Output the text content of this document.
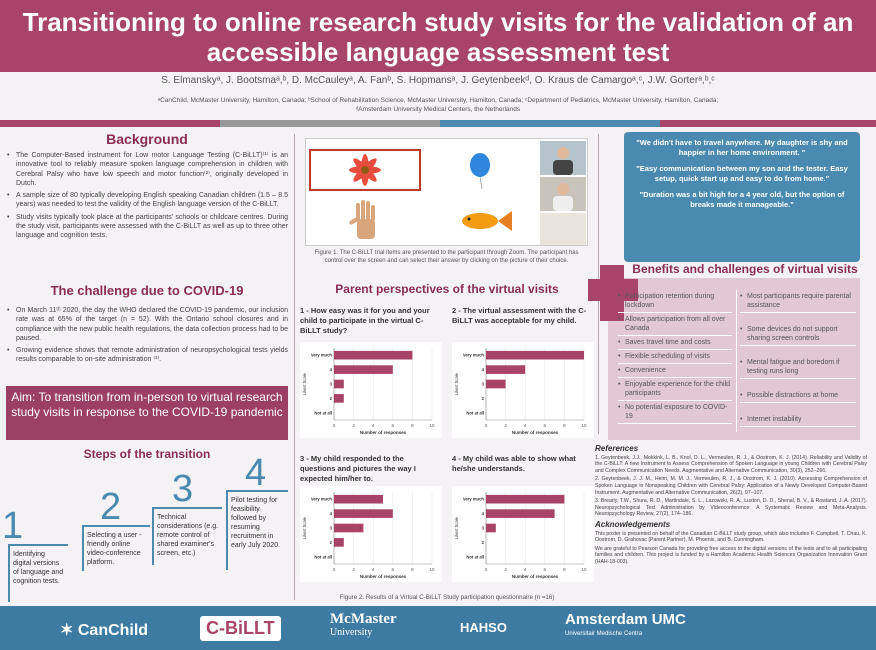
Transitioning to online research study visits for the validation of an accessible language assessment test
S. Elmanskyᵃ, J. Bootsmaᵃ,ᵇ, D. McCauleyᵃ, A. Fanᵇ, S. Hopmansᵃ, J. Geytenbeekᵈ, O. Kraus de Camargoᵃ,ᶜ, J.W. Gorterᵃ,ᵇ,ᶜ
ᵃCanChild, McMaster University, Hamilton, Canada; ᵇSchool of Rehabilitation Science, McMaster University, Hamilton, Canada; ᶜDepartment of Pediatrics, McMaster University, Hamilton, Canada;
ᵈAmsterdam University Medical Centers, the Netherlands
Background
• The Computer-Based instrument for Low motor Language Testing (C-BiLLT)⁽¹⁾ is an innovative tool to reliably measure spoken language comprehension in children with Cerebral Palsy who have low speech and motor function⁽²⁾, originally developed in Dutch.
• A sample size of 80 typically developing English speaking Canadian children (1.5 – 8.5 years) was needed to test the validity of the English language version of the C-BiLLT.
• Study visits typically took place at the participants' schools or childcare centres. During the study visit, participants were assessed with the C-BiLLT as well as up to three other language and cognition tests.
The challenge due to COVID-19
• On March 11ᵗʰ 2020, the day the WHO declared the COVID-19 pandemic, our inclusion rate was at 65% of the target (n = 52). With the Ontario school closures and in compliance with the new public health regulations, the data collection process had to be paused.
• Growing evidence shows that remote administration of neuropsychological tests yields results comparable to on-site administration ⁽³⁾.
Aim: To transition from in-person to virtual research study visits in response to the COVID-19 pandemic
Steps of the transition
1
Identifying digital versions of language and cognition tests.
2
Selecting a user - friendly online video-conference platform.
3
Technical considerations (e.g. remote control of shared examiner's screen, etc.)
4
Pilot testing for feasibility followed by resuming recruitment in early July 2020.
Figure 1. The C-BiLLT trial items are presented to the participant through Zoom. The participant has control over the screen and can select their answer by clicking on the picture of their choice.
Parent perspectives of the virtual visits
1 - How easy was it for you and your child to participate in the virtual C-BiLLT study?
2 - The virtual assessment with the C-BiLLT was acceptable for my child.
3 - My child responded to the questions and pictures the way I expected him/her to.
4 - My child was able to show what he/she understands.
0	2	4	6	8	10
Very much
4
3
2
Not at all
Number of responses
Likert Scale
0	2	4	6	8	10
Very much
4
3
2
Not at all
Number of responses
Likert Scale
0	2	4	6	8	10
Very much
4
3
2
Not at all
Number of responses
Likert Scale
0	2	4	6	8	10
Very much
4
3
2
Not at all
Number of responses
Likert Scale
Figure 2. Results of a Virtual C-BiLLT Study participation questionnaire (n =16)

"We didn't have to travel anywhere. My daughter is shy and happier in her home environment. "

"Easy communication between my son and the tester. Easy setup, quick start up and easy to do from home."

"Duration was a bit high for a 4 year old, but the option of breaks made it manageable."

Benefits and challenges of virtual visits
• Participation retention during lockdown
• Allows participation from all over Canada
• Saves travel time and costs
• Flexible scheduling of visits
• Convenience
• Enjoyable experience for the child participants
• No potential exposure to COVID-19
• Most participants require parental assistance
• Some devices do not support sharing screen controls
• Mental fatigue and boredom if testing runs long
• Possible distractions at home
• Internet instability
References

1. Geytenbeek, J.J., Mokkink, L. B., Knol, D. L., Vermeulen, R. J., & Oostrom, K. J. (2014). Reliability and Validity of the C-BiLLT: A new Instrument to Assess Comprehension of Spoken Language in young Children with Cerebral Palsy and Complex Communication Needs. Augmentative and Alternative Communication, 30(3), 252–266.

2. Geytenbeek, J. J. M., Heim, M. M. J., Vermeulen, R. J., & Oostrom, K. J. (2010). Assessing Comprehension of Spoken Language in Nonspeaking Children with Cerebral Palsy: Application of a Newly Developed Computer-Based Instrument. Augmentative and Alternative Communication, 26(2), 97–107.

3. Brearly, T.W., Shura, R. D., Martindale, S. L., Lazowski, R. A., Luxton, D. D., Shenal, B. V., & Rowland, J. A. (2017). Neuropsychological Test Administration by Videoconference: A Systematic Review and Meta-Analysis. Neuropsychology Review, 27(2), 174–186.

Acknowledgements

This poster is presented on behalf of the Canadian C-BiLLT study group, which also includes F. Campbell, T. Chau, K. Oostrom, D. Grahovac (Parent Partner), M. Phoenix, and B. Cunningham.

We are grateful to Pearson Canada for providing free access to the digital versions of the tests and to all participating families and children. This project is funded by a Hamilton Academic Health Sciences Organization Innovation Grant (HAH-18-003).

✶ CanChild	C-BiLLT	McMaster
University	HAHSO	Amsterdam UMC
Universitair Medische Centra
